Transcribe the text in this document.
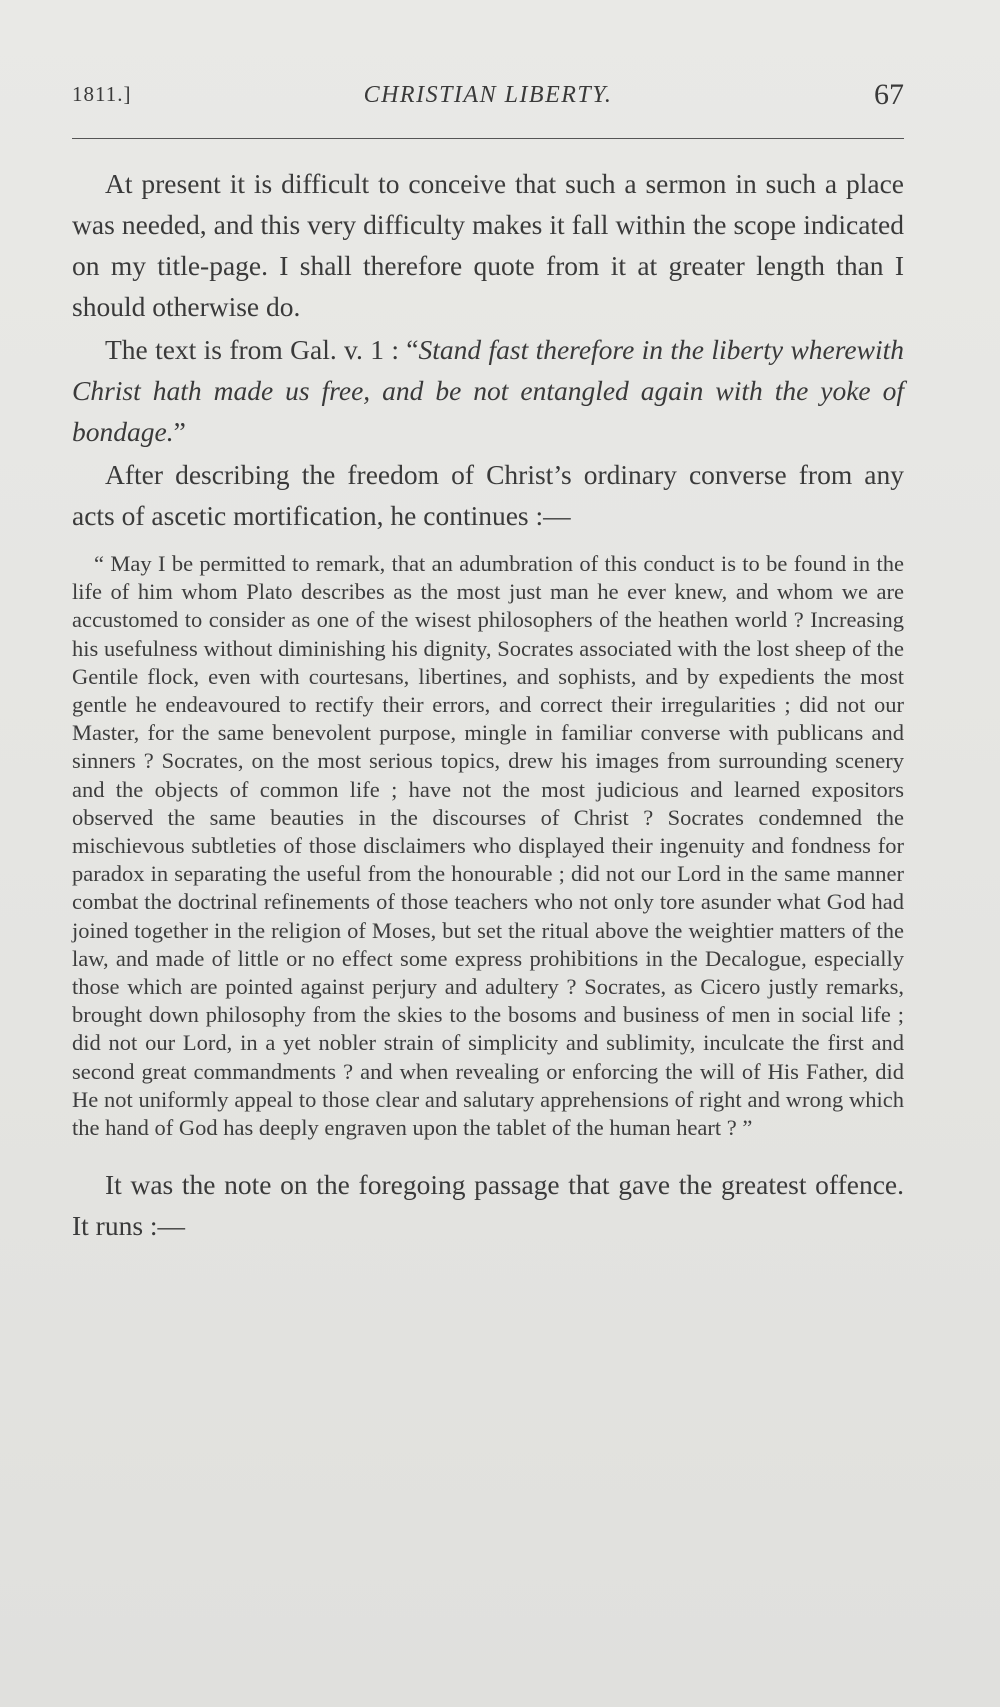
1811.]	CHRISTIAN LIBERTY.	67

At present it is difficult to conceive that such a sermon in such a place was needed, and this very difficulty makes it fall within the scope indicated on my title-page. I shall therefore quote from it at greater length than I should otherwise do.

The text is from Gal. v. 1 : “Stand fast therefore in the liberty wherewith Christ hath made us free, and be not entangled again with the yoke of bondage.”

After describing the freedom of Christ’s ordinary converse from any acts of ascetic mortification, he continues :—

“ May I be permitted to remark, that an adumbration of this conduct is to be found in the life of him whom Plato describes as the most just man he ever knew, and whom we are accustomed to consider as one of the wisest philosophers of the heathen world ? Increasing his usefulness without diminishing his dignity, Socrates associated with the lost sheep of the Gentile flock, even with courtesans, libertines, and sophists, and by expedients the most gentle he endeavoured to rectify their errors, and correct their irregularities ; did not our Master, for the same benevolent purpose, mingle in familiar converse with publicans and sinners ? Socrates, on the most serious topics, drew his images from surrounding scenery and the objects of common life ; have not the most judicious and learned expositors observed the same beauties in the discourses of Christ ? Socrates condemned the mischievous subtleties of those disclaimers who displayed their ingenuity and fondness for paradox in separating the useful from the honourable ; did not our Lord in the same manner combat the doctrinal refinements of those teachers who not only tore asunder what God had joined together in the religion of Moses, but set the ritual above the weightier matters of the law, and made of little or no effect some express prohibitions in the Decalogue, especially those which are pointed against perjury and adultery ? Socrates, as Cicero justly remarks, brought down philosophy from the skies to the bosoms and business of men in social life ; did not our Lord, in a yet nobler strain of simplicity and sublimity, inculcate the first and second great commandments ? and when revealing or enforcing the will of His Father, did He not uniformly appeal to those clear and salutary apprehensions of right and wrong which the hand of God has deeply engraven upon the tablet of the human heart ? ”

It was the note on the foregoing passage that gave the greatest offence. It runs :—
